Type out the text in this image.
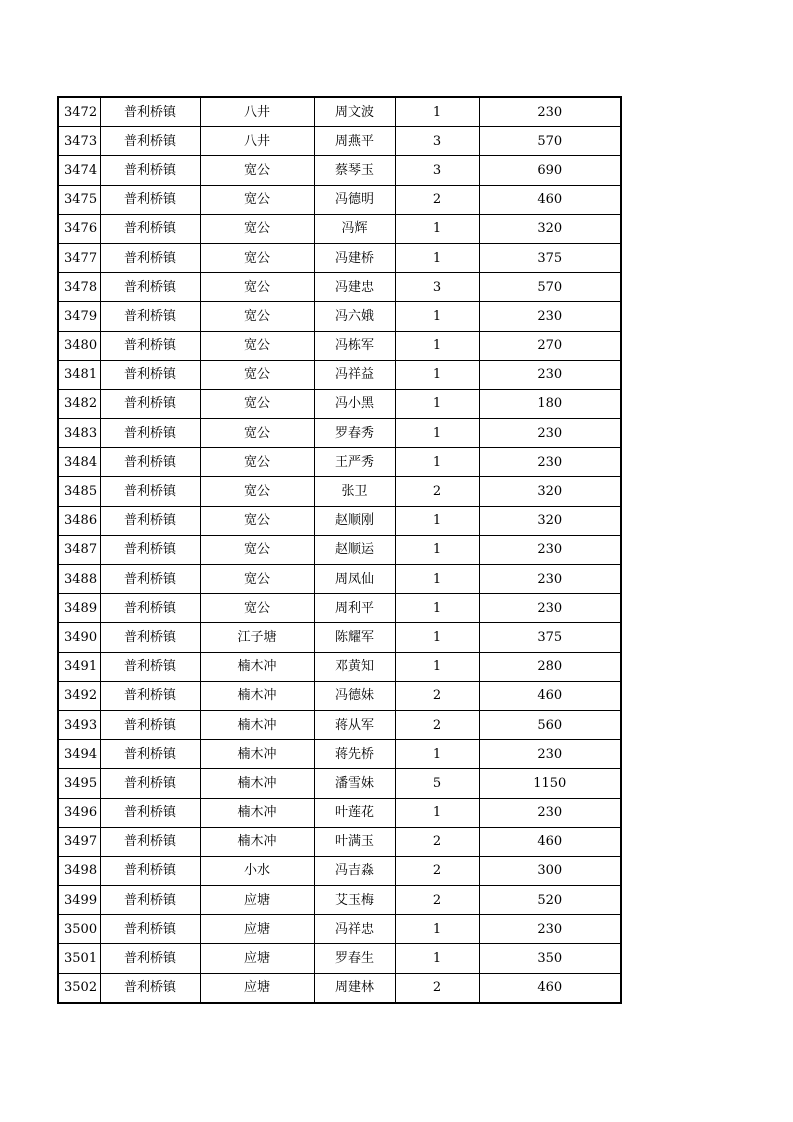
3472	普利桥镇	八井	周文波	1	230
3473	普利桥镇	八井	周燕平	3	570
3474	普利桥镇	宽公	蔡琴玉	3	690
3475	普利桥镇	宽公	冯德明	2	460
3476	普利桥镇	宽公	冯辉	1	320
3477	普利桥镇	宽公	冯建桥	1	375
3478	普利桥镇	宽公	冯建忠	3	570
3479	普利桥镇	宽公	冯六娥	1	230
3480	普利桥镇	宽公	冯栋军	1	270
3481	普利桥镇	宽公	冯祥益	1	230
3482	普利桥镇	宽公	冯小黑	1	180
3483	普利桥镇	宽公	罗春秀	1	230
3484	普利桥镇	宽公	王严秀	1	230
3485	普利桥镇	宽公	张卫	2	320
3486	普利桥镇	宽公	赵顺刚	1	320
3487	普利桥镇	宽公	赵顺运	1	230
3488	普利桥镇	宽公	周凤仙	1	230
3489	普利桥镇	宽公	周利平	1	230
3490	普利桥镇	江子塘	陈耀军	1	375
3491	普利桥镇	楠木冲	邓黄知	1	280
3492	普利桥镇	楠木冲	冯德妹	2	460
3493	普利桥镇	楠木冲	蒋从军	2	560
3494	普利桥镇	楠木冲	蒋先桥	1	230
3495	普利桥镇	楠木冲	潘雪妹	5	1150
3496	普利桥镇	楠木冲	叶莲花	1	230
3497	普利桥镇	楠木冲	叶满玉	2	460
3498	普利桥镇	小水	冯吉淼	2	300
3499	普利桥镇	应塘	艾玉梅	2	520
3500	普利桥镇	应塘	冯祥忠	1	230
3501	普利桥镇	应塘	罗春生	1	350
3502	普利桥镇	应塘	周建林	2	460
